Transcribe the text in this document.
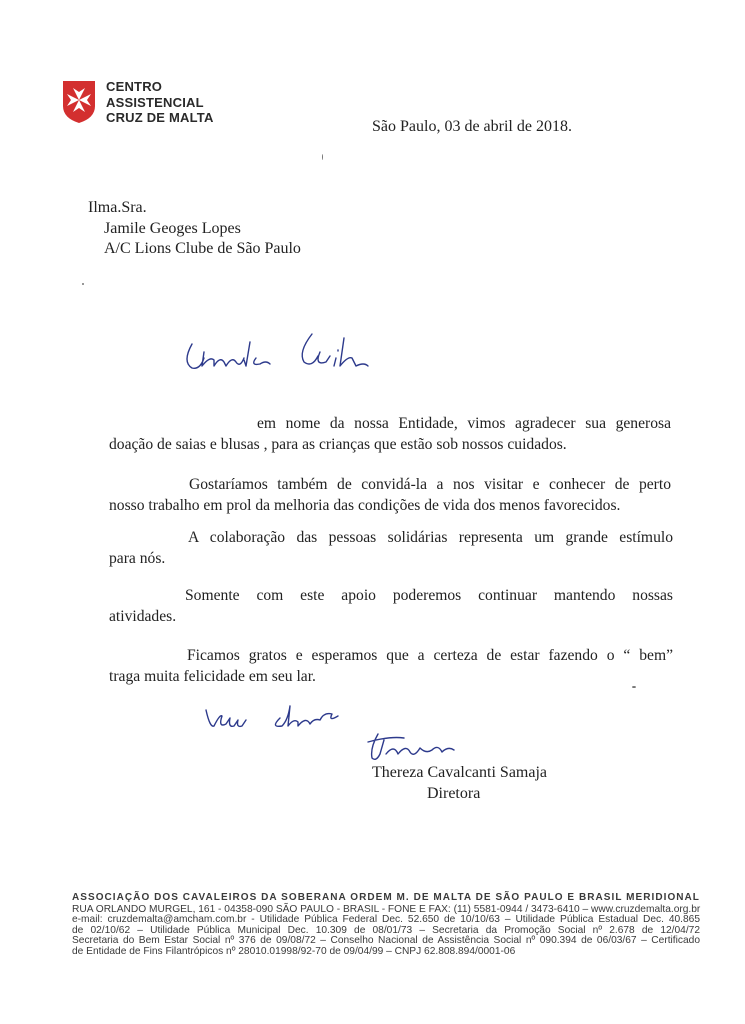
CENTRO
ASSISTENCIAL
CRUZ DE MALTA
São Paulo, 03 de abril de 2018.
Ilma.Sra.
Jamile Geoges Lopes
A/C Lions Clube de São Paulo

em nome da nossa Entidade, vimos agradecer sua generosa

doação de saias e blusas , para as crianças que estão sob nossos cuidados.

Gostaríamos também de convidá-la a nos visitar e conhecer de perto

nosso trabalho em prol da melhoria das condições de vida dos menos favorecidos.

A colaboração das pessoas solidárias representa um grande estímulo

para nós.

Somente com este apoio poderemos continuar mantendo nossas

atividades.

Ficamos gratos e esperamos que a certeza de estar fazendo o “ bem”

traga muita felicidade em seu lar.

Thereza Cavalcanti Samaja
Diretora
ASSOCIAÇÃO DOS CAVALEIROS DA SOBERANA ORDEM M. DE MALTA DE SÃO PAULO E BRASIL MERIDIONAL
RUA ORLANDO MURGEL, 161 - 04358-090 SÃO PAULO - BRASIL - FONE E FAX: (11) 5581-0944 / 3473-6410 – www.cruzdemalta.org.br
e-mail: cruzdemalta@amcham.com.br - Utilidade Pública Federal Dec. 52.650 de 10/10/63 – Utilidade Pública Estadual Dec. 40.865
de 02/10/62 – Utilidade Pública Municipal Dec. 10.309 de 08/01/73 – Secretaria da Promoção Social nº 2.678 de 12/04/72
Secretaria do Bem Estar Social nº 376 de 09/08/72 – Conselho Nacional de Assistência Social nº 090.394 de 06/03/67 – Certificado
de Entidade de Fins Filantrópicos nº 28010.01998/92-70 de 09/04/99 – CNPJ 62.808.894/0001-06
